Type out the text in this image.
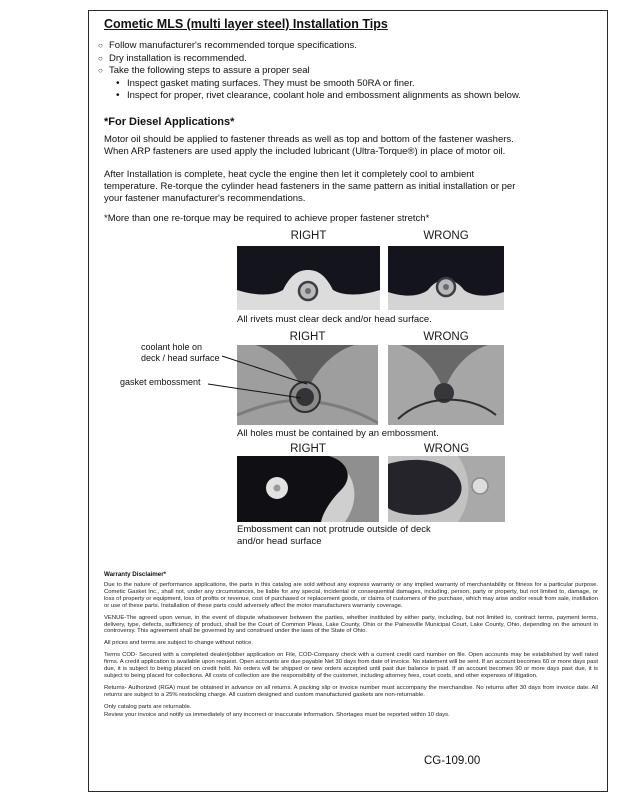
Cometic MLS (multi layer steel) Installation Tips
○ Follow manufacturer's recommended torque specifications.
○ Dry installation is recommended.
○ Take the following steps to assure a proper seal
• Inspect gasket mating surfaces. They must be smooth 50RA or finer.
• Inspect for proper, rivet clearance, coolant hole and embossment alignments as shown below.
*For Diesel Applications*
Motor oil should be applied to fastener threads as well as top and bottom of the fastener washers. When ARP fasteners are used apply the included lubricant (Ultra-Torque®) in place of motor oil.
After Installation is complete, heat cycle the engine then let it completely cool to ambient temperature. Re-torque the cylinder head fasteners in the same pattern as initial installation or per your fastener manufacturer's recommendations.
*More than one re-torque may be required to achieve proper fastener stretch*
RIGHT	WRONG
All rivets must clear deck and/or head surface.
RIGHT	WRONG
coolant hole on
deck / head surface
gasket embossment
All holes must be contained by an embossment.
RIGHT	WRONG
Embossment can not protrude outside of deck and/or head surface
Warranty Disclaimer*

Due to the nature of performance applications, the parts in this catalog are sold without any express warranty or any implied warranty of merchantability or fitness for a particular purpose. Cometic Gasket Inc., shall not, under any circumstances, be liable for any special, incidental or consequential damages, including, person, party or property, but not limited to, damage, or loss of property or equipment, loss of profits or revenue, cost of purchased or replacement goods, or claims of customers of the purchase, which may arise and/or result from sale, instillation or use of these parts. Installation of these parts could adversely affect the motor manufacturers warranty coverage.

VENUE-The agreed upon venue, in the event of dispute whatsoever between the parties, whether instituted by either party, including, but not limited to, contract terms, payment terms, delivery, type, defects, sufficiency of product, shall be the Court of Common Pleas, Lake County, Ohio or the Painesville Municipal Court, Lake County, Ohio, depending on the amount in controversy. This agreement shall be governed by and construed under the laws of the State of Ohio.

All prices and terms are subject to change without notice.

Terms COD- Secured with a completed dealer/jobber application on File, COD-Company check with a current credit card number on file. Open accounts may be established by well rated firms. A credit application is available upon request. Open accounts are due payable Net 30 days from date of invoice. No statement will be sent. If an account becomes 60 or more days past due, it is subject to being placed on credit hold. No orders will be shipped or new orders accepted until past due balance is paid. If an account becomes 90 or more days past due, it is subject to being placed for collections. All costs of collection are the responsibility of the customer, including attorney fees, court costs, and other expenses of litigation.

Returns- Authorized (RGA) must be obtained in advance on all returns. A packing slip or invoice number must accompany the merchandise. No returns after 30 days from invoice date. All returns are subject to a 25% restocking charge. All custom designed and custom manufactured gaskets are non-returnable.

Only catalog parts are returnable.

Review your invoice and notify us immediately of any incorrect or inaccurate information. Shortages must be reported within 10 days.

CG-109.00
